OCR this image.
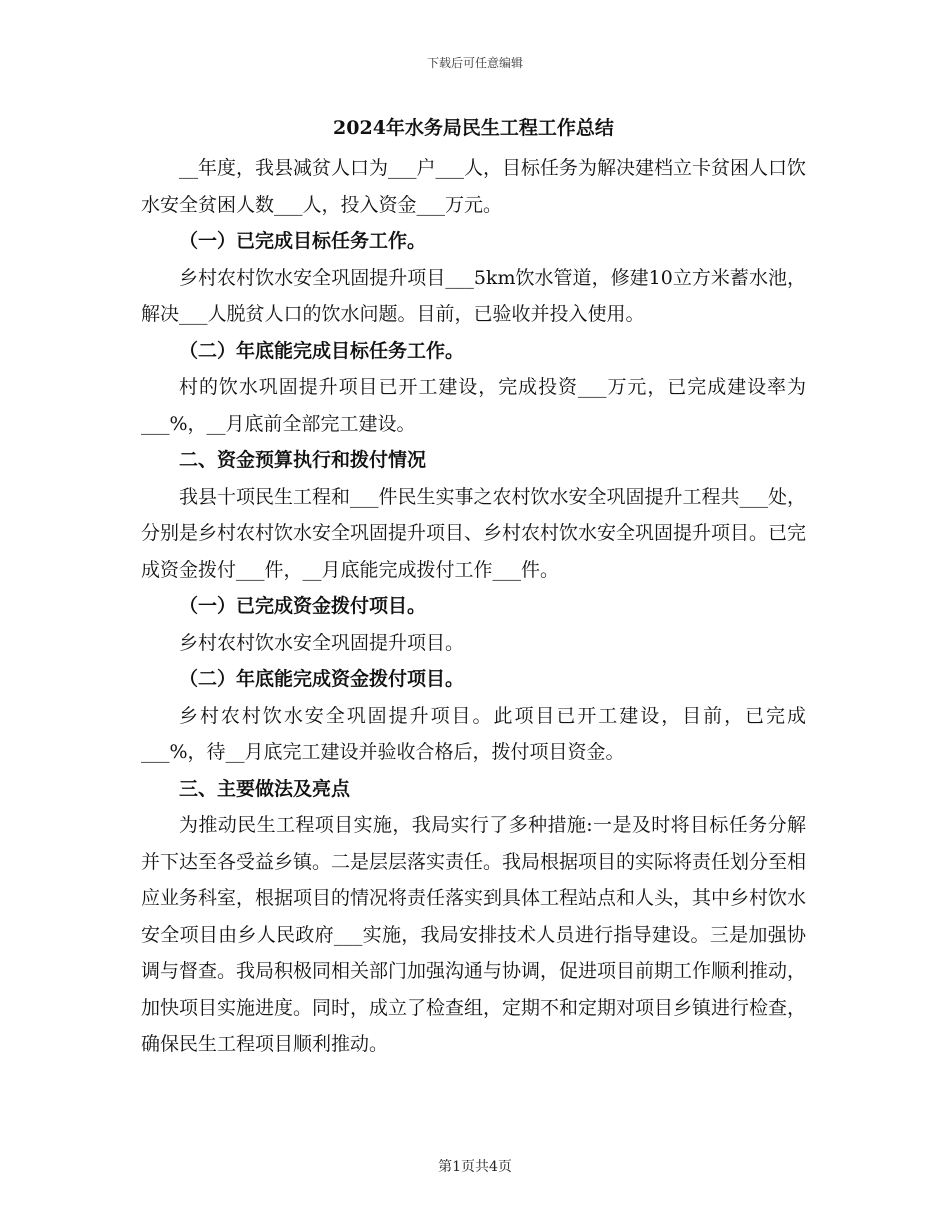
下载后可任意编辑
2024年水务局民生工程工作总结

__年度，我县减贫人口为___户___人，目标任务为解决建档立卡贫困人口饮水安全贫困人数___人，投入资金___万元。

（一）已完成目标任务工作。

乡村农村饮水安全巩固提升项目___5km饮水管道，修建10立方米蓄水池，解决___人脱贫人口的饮水问题。目前，已验收并投入使用。

（二）年底能完成目标任务工作。

村的饮水巩固提升项目已开工建设，完成投资___万元，已完成建设率为___%，__月底前全部完工建设。

二、资金预算执行和拨付情况

我县十项民生工程和___件民生实事之农村饮水安全巩固提升工程共___处，分别是乡村农村饮水安全巩固提升项目、乡村农村饮水安全巩固提升项目。已完成资金拨付___件，__月底能完成拨付工作___件。

（一）已完成资金拨付项目。

乡村农村饮水安全巩固提升项目。

（二）年底能完成资金拨付项目。

乡村农村饮水安全巩固提升项目。此项目已开工建设，目前，已完成___%，待__月底完工建设并验收合格后，拨付项目资金。

三、主要做法及亮点

为推动民生工程项目实施，我局实行了多种措施:一是及时将目标任务分解并下达至各受益乡镇。二是层层落实责任。我局根据项目的实际将责任划分至相应业务科室，根据项目的情况将责任落实到具体工程站点和人头，其中乡村饮水安全项目由乡人民政府___实施，我局安排技术人员进行指导建设。三是加强协调与督查。我局积极同相关部门加强沟通与协调，促进项目前期工作顺利推动，加快项目实施进度。同时，成立了检查组，定期不和定期对项目乡镇进行检查，确保民生工程项目顺利推动。

第1页共4页
